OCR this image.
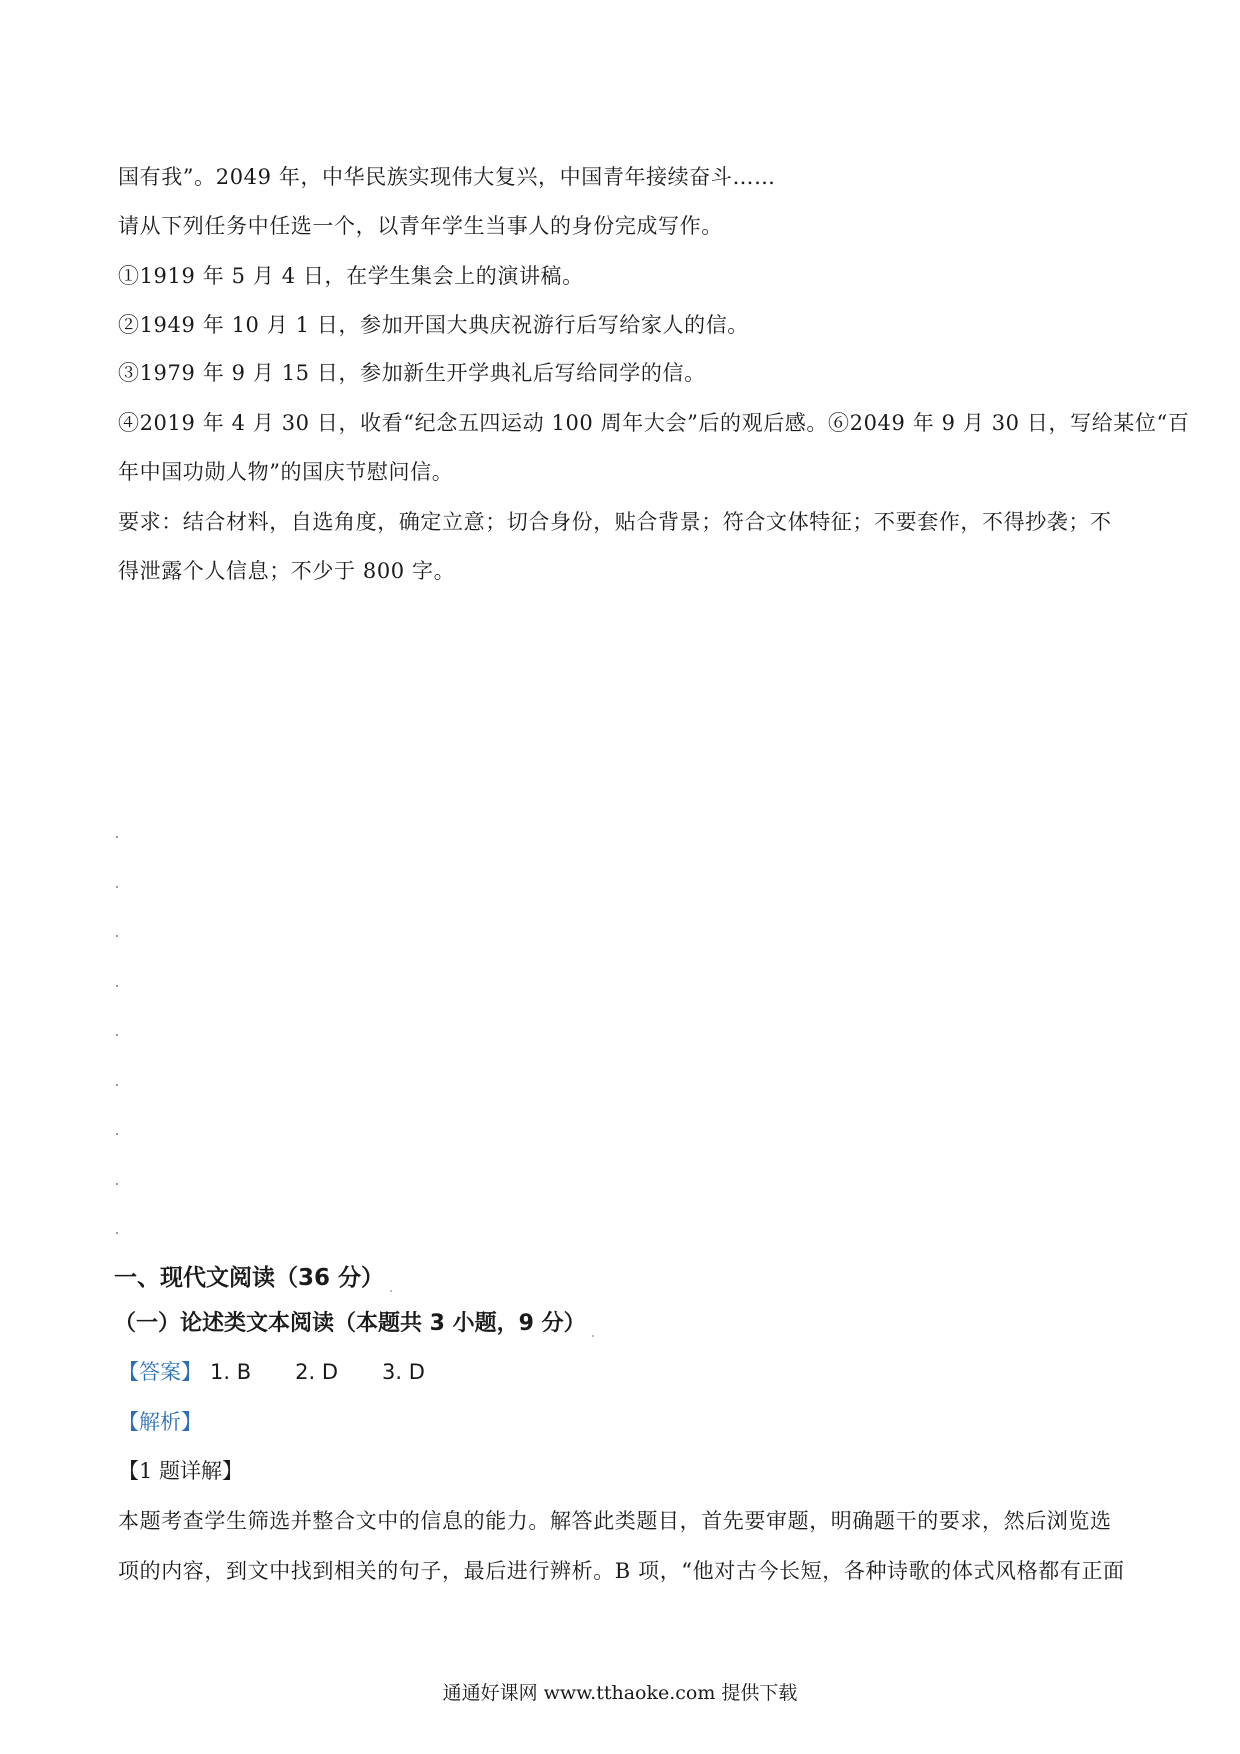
国有我”。2049 年，中华民族实现伟大复兴，中国青年接续奋斗……
请从下列任务中任选一个，以青年学生当事人的身份完成写作。
①1919 年 5 月 4 日，在学生集会上的演讲稿。
②1949 年 10 月 1 日，参加开国大典庆祝游行后写给家人的信。
③1979 年 9 月 15 日，参加新生开学典礼后写给同学的信。
④2019 年 4 月 30 日，收看“纪念五四运动 100 周年大会”后的观后感。⑥2049 年 9 月 30 日，写给某位“百
年中国功勋人物”的国庆节慰问信。
要求：结合材料，自选角度，确定立意；切合身份，贴合背景；符合文体特征；不要套作，不得抄袭；不
得泄露个人信息；不少于 800 字。
一、现代文阅读（36 分）
（一）论述类文本阅读（本题共 3 小题，9 分）
【答案】 1. B 2. D 3. D
【解析】
【1 题详解】
本题考查学生筛选并整合文中的信息的能力。解答此类题目，首先要审题，明确题干的要求，然后浏览选
项的内容，到文中找到相关的句子，最后进行辨析。B 项，“他对古今长短，各种诗歌的体式风格都有正面
通通好课网 www.tthaoke.com 提供下载
